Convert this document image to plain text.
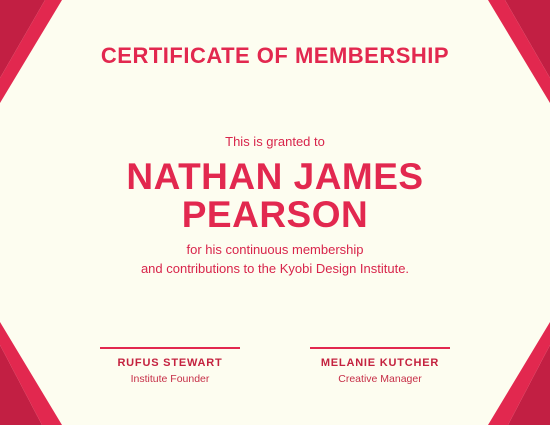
CERTIFICATE OF MEMBERSHIP
This is granted to
NATHAN JAMES
PEARSON
for his continuous membership
and contributions to the Kyobi Design Institute.
RUFUS STEWART
Institute Founder
MELANIE KUTCHER
Creative Manager
